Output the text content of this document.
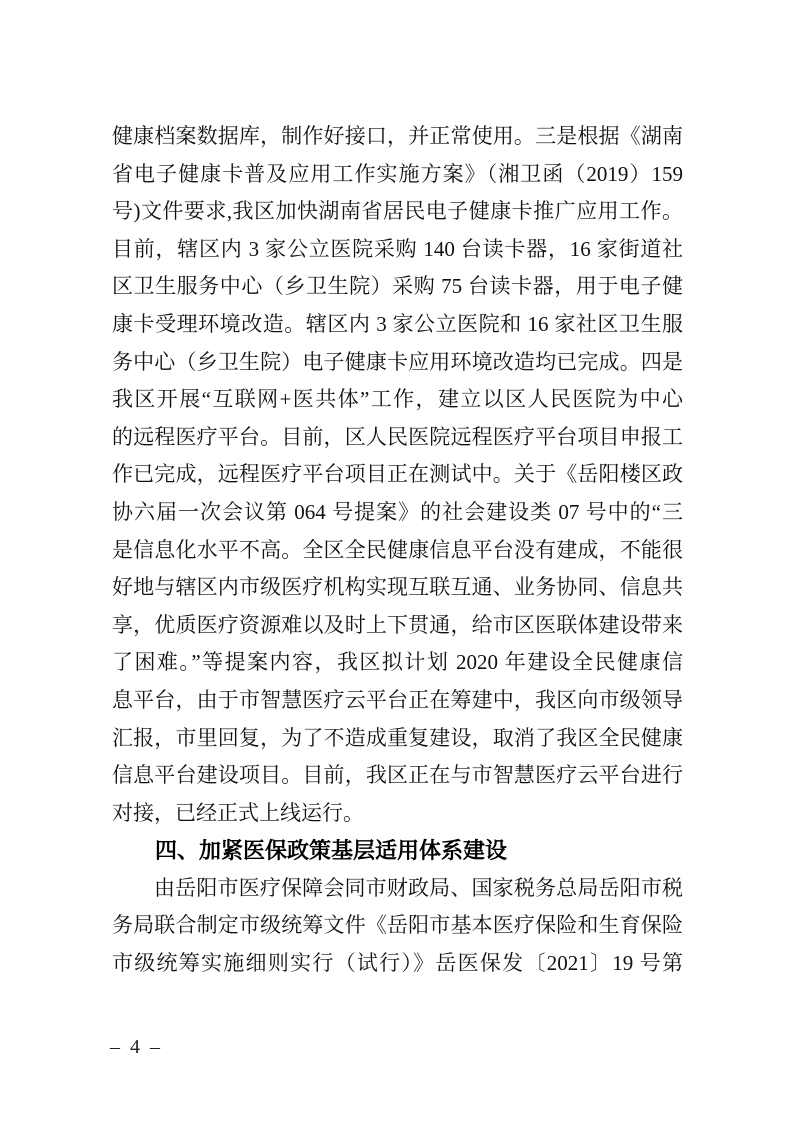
健康档案数据库，制作好接口，并正常使用。三是根据《湖南

省电子健康卡普及应用工作实施方案》（湘卫函（2019）159

号)文件要求,我区加快湖南省居民电子健康卡推广应用工作。

目前，辖区内 3 家公立医院采购 140 台读卡器，16 家街道社

区卫生服务中心（乡卫生院）采购 75 台读卡器，用于电子健

康卡受理环境改造。辖区内 3 家公立医院和 16 家社区卫生服

务中心（乡卫生院）电子健康卡应用环境改造均已完成。四是

我区开展“互联网+医共体”工作，建立以区人民医院为中心

的远程医疗平台。目前，区人民医院远程医疗平台项目申报工

作已完成，远程医疗平台项目正在测试中。关于《岳阳楼区政

协六届一次会议第 064 号提案》的社会建设类 07 号中的“三

是信息化水平不高。全区全民健康信息平台没有建成，不能很

好地与辖区内市级医疗机构实现互联互通、业务协同、信息共

享，优质医疗资源难以及时上下贯通，给市区医联体建设带来

了困难。”等提案内容，我区拟计划 2020 年建设全民健康信

息平台，由于市智慧医疗云平台正在筹建中，我区向市级领导

汇报，市里回复，为了不造成重复建设，取消了我区全民健康

信息平台建设项目。目前，我区正在与市智慧医疗云平台进行

对接，已经正式上线运行。

四、加紧医保政策基层适用体系建设

由岳阳市医疗保障会同市财政局、国家税务总局岳阳市税

务局联合制定市级统筹文件《岳阳市基本医疗保险和生育保险

市级统筹实施细则实行（试行）》岳医保发〔2021〕19 号第

– 4 –
